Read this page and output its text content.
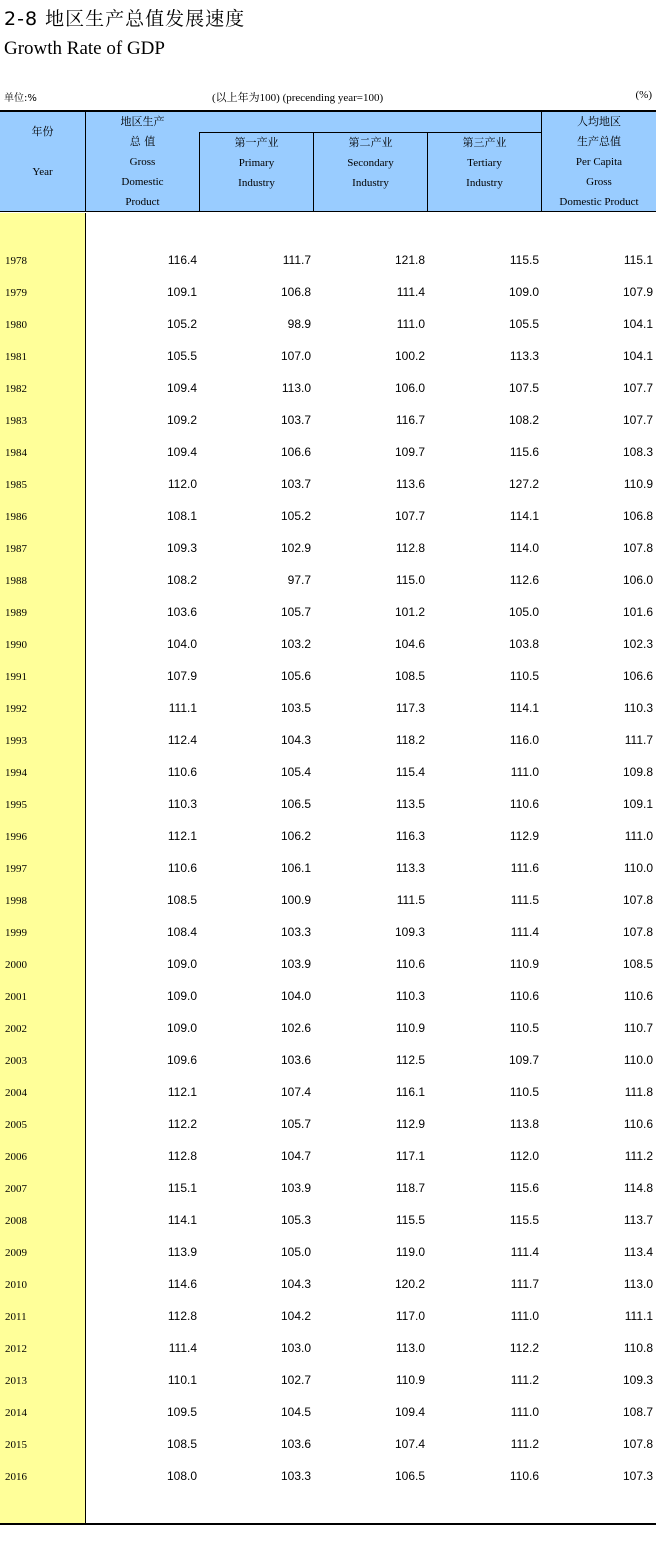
2-8 地区生产总值发展速度
Growth Rate of GDP
单位:%	(以上年为100) (precending year=100)	(%)
年份
Year
地区生产
总 值
Gross
Domestic
Product
第一产业
Primary
Industry
第二产业
Secondary
Industry
第三产业
Tertiary
Industry
人均地区
生产总值
Per Capita
Gross
Domestic Product
1978	116.4	111.7	121.8	115.5	115.1
1979	109.1	106.8	111.4	109.0	107.9
1980	105.2	98.9	111.0	105.5	104.1
1981	105.5	107.0	100.2	113.3	104.1
1982	109.4	113.0	106.0	107.5	107.7
1983	109.2	103.7	116.7	108.2	107.7
1984	109.4	106.6	109.7	115.6	108.3
1985	112.0	103.7	113.6	127.2	110.9
1986	108.1	105.2	107.7	114.1	106.8
1987	109.3	102.9	112.8	114.0	107.8
1988	108.2	97.7	115.0	112.6	106.0
1989	103.6	105.7	101.2	105.0	101.6
1990	104.0	103.2	104.6	103.8	102.3
1991	107.9	105.6	108.5	110.5	106.6
1992	111.1	103.5	117.3	114.1	110.3
1993	112.4	104.3	118.2	116.0	111.7
1994	110.6	105.4	115.4	111.0	109.8
1995	110.3	106.5	113.5	110.6	109.1
1996	112.1	106.2	116.3	112.9	111.0
1997	110.6	106.1	113.3	111.6	110.0
1998	108.5	100.9	111.5	111.5	107.8
1999	108.4	103.3	109.3	111.4	107.8
2000	109.0	103.9	110.6	110.9	108.5
2001	109.0	104.0	110.3	110.6	110.6
2002	109.0	102.6	110.9	110.5	110.7
2003	109.6	103.6	112.5	109.7	110.0
2004	112.1	107.4	116.1	110.5	111.8
2005	112.2	105.7	112.9	113.8	110.6
2006	112.8	104.7	117.1	112.0	111.2
2007	115.1	103.9	118.7	115.6	114.8
2008	114.1	105.3	115.5	115.5	113.7
2009	113.9	105.0	119.0	111.4	113.4
2010	114.6	104.3	120.2	111.7	113.0
2011	112.8	104.2	117.0	111.0	111.1
2012	111.4	103.0	113.0	112.2	110.8
2013	110.1	102.7	110.9	111.2	109.3
2014	109.5	104.5	109.4	111.0	108.7
2015	108.5	103.6	107.4	111.2	107.8
2016	108.0	103.3	106.5	110.6	107.3
